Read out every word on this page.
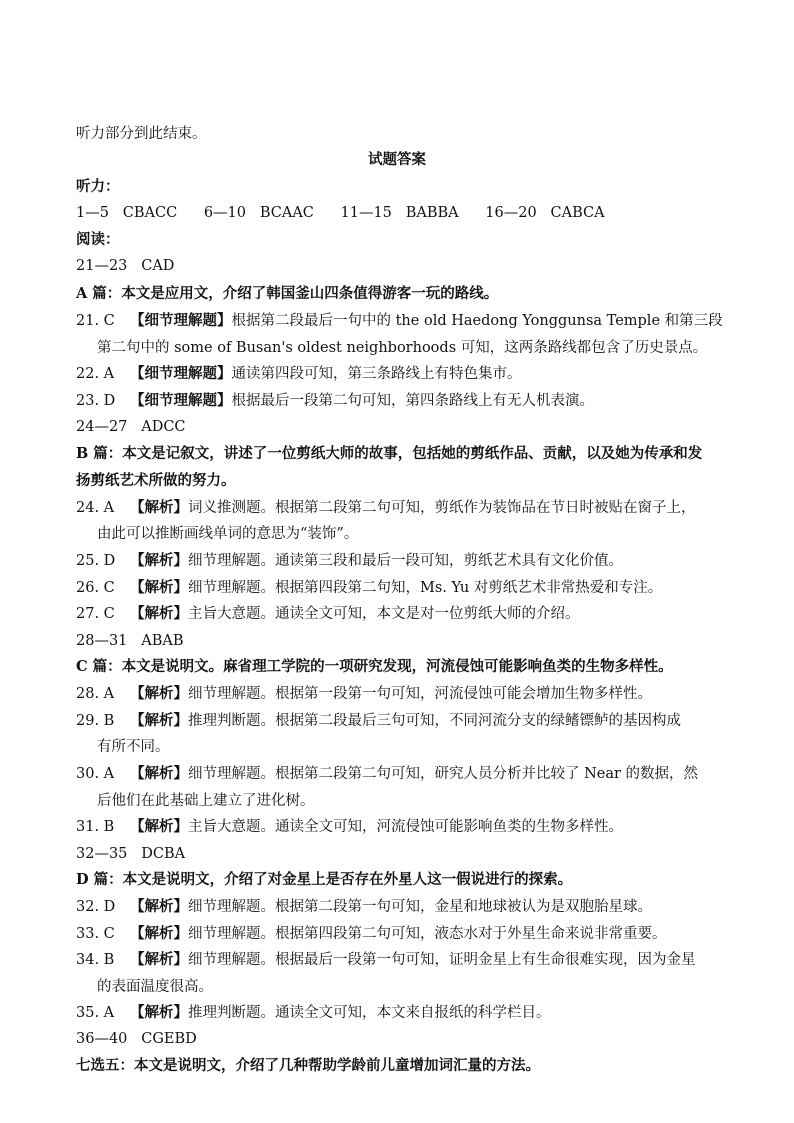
听力部分到此结束。
试题答案
听力：
1—5 CBACC 6—10 BCAAC 11—15 BABBA 16—20 CABCA
阅读：
21—23 CAD
A 篇：本文是应用文，介绍了韩国釜山四条值得游客一玩的路线。
21. C 【细节理解题】根据第二段最后一句中的 the old Haedong Yonggunsa Temple 和第三段
第二句中的 some of Busan's oldest neighborhoods 可知，这两条路线都包含了历史景点。
22. A 【细节理解题】通读第四段可知，第三条路线上有特色集市。
23. D 【细节理解题】根据最后一段第二句可知，第四条路线上有无人机表演。
24—27 ADCC
B 篇：本文是记叙文，讲述了一位剪纸大师的故事，包括她的剪纸作品、贡献，以及她为传承和发
扬剪纸艺术所做的努力。
24. A 【解析】词义推测题。根据第二段第二句可知，剪纸作为装饰品在节日时被贴在窗子上，
由此可以推断画线单词的意思为“装饰”。
25. D 【解析】细节理解题。通读第三段和最后一段可知，剪纸艺术具有文化价值。
26. C 【解析】细节理解题。根据第四段第二句知，Ms. Yu 对剪纸艺术非常热爱和专注。
27. C 【解析】主旨大意题。通读全文可知，本文是对一位剪纸大师的介绍。
28—31 ABAB
C 篇：本文是说明文。麻省理工学院的一项研究发现，河流侵蚀可能影响鱼类的生物多样性。
28. A 【解析】细节理解题。根据第一段第一句可知，河流侵蚀可能会增加生物多样性。
29. B 【解析】推理判断题。根据第二段最后三句可知，不同河流分支的绿鳍镖鲈的基因构成
有所不同。
30. A 【解析】细节理解题。根据第二段第二句可知，研究人员分析并比较了 Near 的数据，然
后他们在此基础上建立了进化树。
31. B 【解析】主旨大意题。通读全文可知，河流侵蚀可能影响鱼类的生物多样性。
32—35 DCBA
D 篇：本文是说明文，介绍了对金星上是否存在外星人这一假说进行的探索。
32. D 【解析】细节理解题。根据第二段第一句可知，金星和地球被认为是双胞胎星球。
33. C 【解析】细节理解题。根据第四段第二句可知，液态水对于外星生命来说非常重要。
34. B 【解析】细节理解题。根据最后一段第一句可知，证明金星上有生命很难实现，因为金星
的表面温度很高。
35. A 【解析】推理判断题。通读全文可知，本文来自报纸的科学栏目。
36—40 CGEBD
七选五：本文是说明文，介绍了几种帮助学龄前儿童增加词汇量的方法。
